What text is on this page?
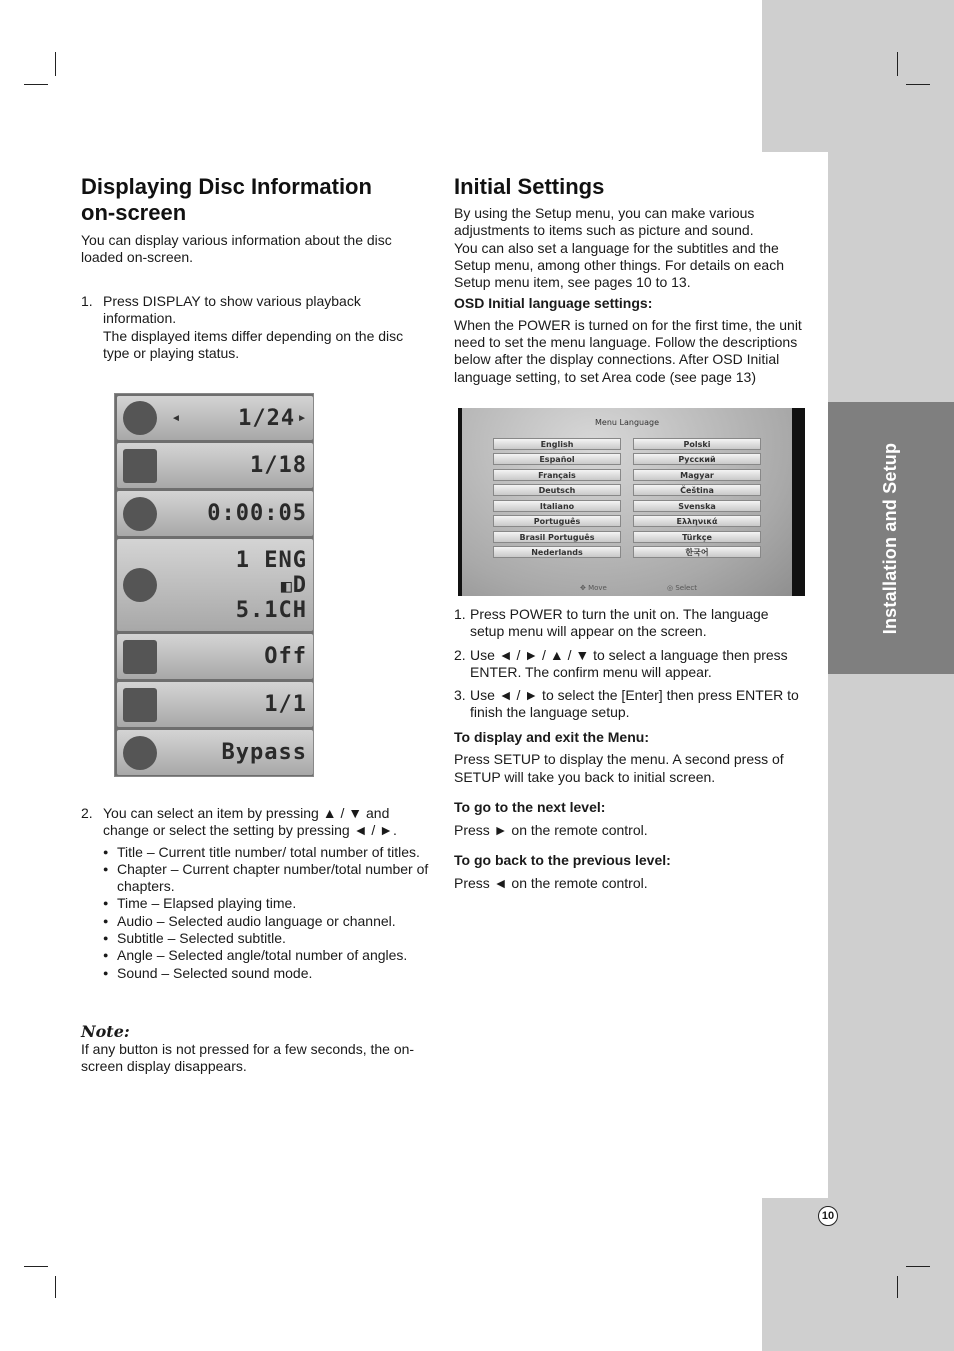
Installation and Setup
10
Displaying Disc Information
on-screen

You can display various information about the disc loaded on-screen.

1. Press DISPLAY to show various playback information.
The displayed items differ depending on the disc type or playing status.
◄	1/24 ►
1/18
0:00:05
1 ENG
◧D
5.1CH
Off
1/1
Bypass
2. You can select an item by pressing ▲ / ▼ and change or select the setting by pressing ◄ / ►.
● Title – Current title number/ total number of titles.
● Chapter – Current chapter number/total number of chapters.
● Time – Elapsed playing time.
● Audio – Selected audio language or channel.
● Subtitle – Selected subtitle.
● Angle – Selected angle/total number of angles.
● Sound – Selected sound mode.
Note:

If any button is not pressed for a few seconds, the on-screen display disappears.

Initial Settings

By using the Setup menu, you can make various adjustments to items such as picture and sound.

You can also set a language for the subtitles and the Setup menu, among other things. For details on each Setup menu item, see pages 10 to 13.

OSD Initial language settings:

When the POWER is turned on for the first time, the unit need to set the menu language. Follow the descriptions below after the display connections. After OSD Initial language setting, to set Area code (see page 13)

Menu Language
English
Español
Français
Deutsch
Italiano
Português
Brasil Português
Nederlands
Polski
Русский
Magyar
Čeština
Svenska
Ελληνικά
Türkçe
한국어
✥ Move	◎ Select
1. Press POWER to turn the unit on. The language setup menu will appear on the screen.
2. Use ◄ / ► / ▲ / ▼ to select a language then press ENTER. The confirm menu will appear.
3. Use ◄ / ► to select the [Enter] then press ENTER to finish the language setup.

To display and exit the Menu:

Press SETUP to display the menu. A second press of SETUP will take you back to initial screen.

To go to the next level:

Press ► on the remote control.

To go back to the previous level:

Press ◄ on the remote control.
